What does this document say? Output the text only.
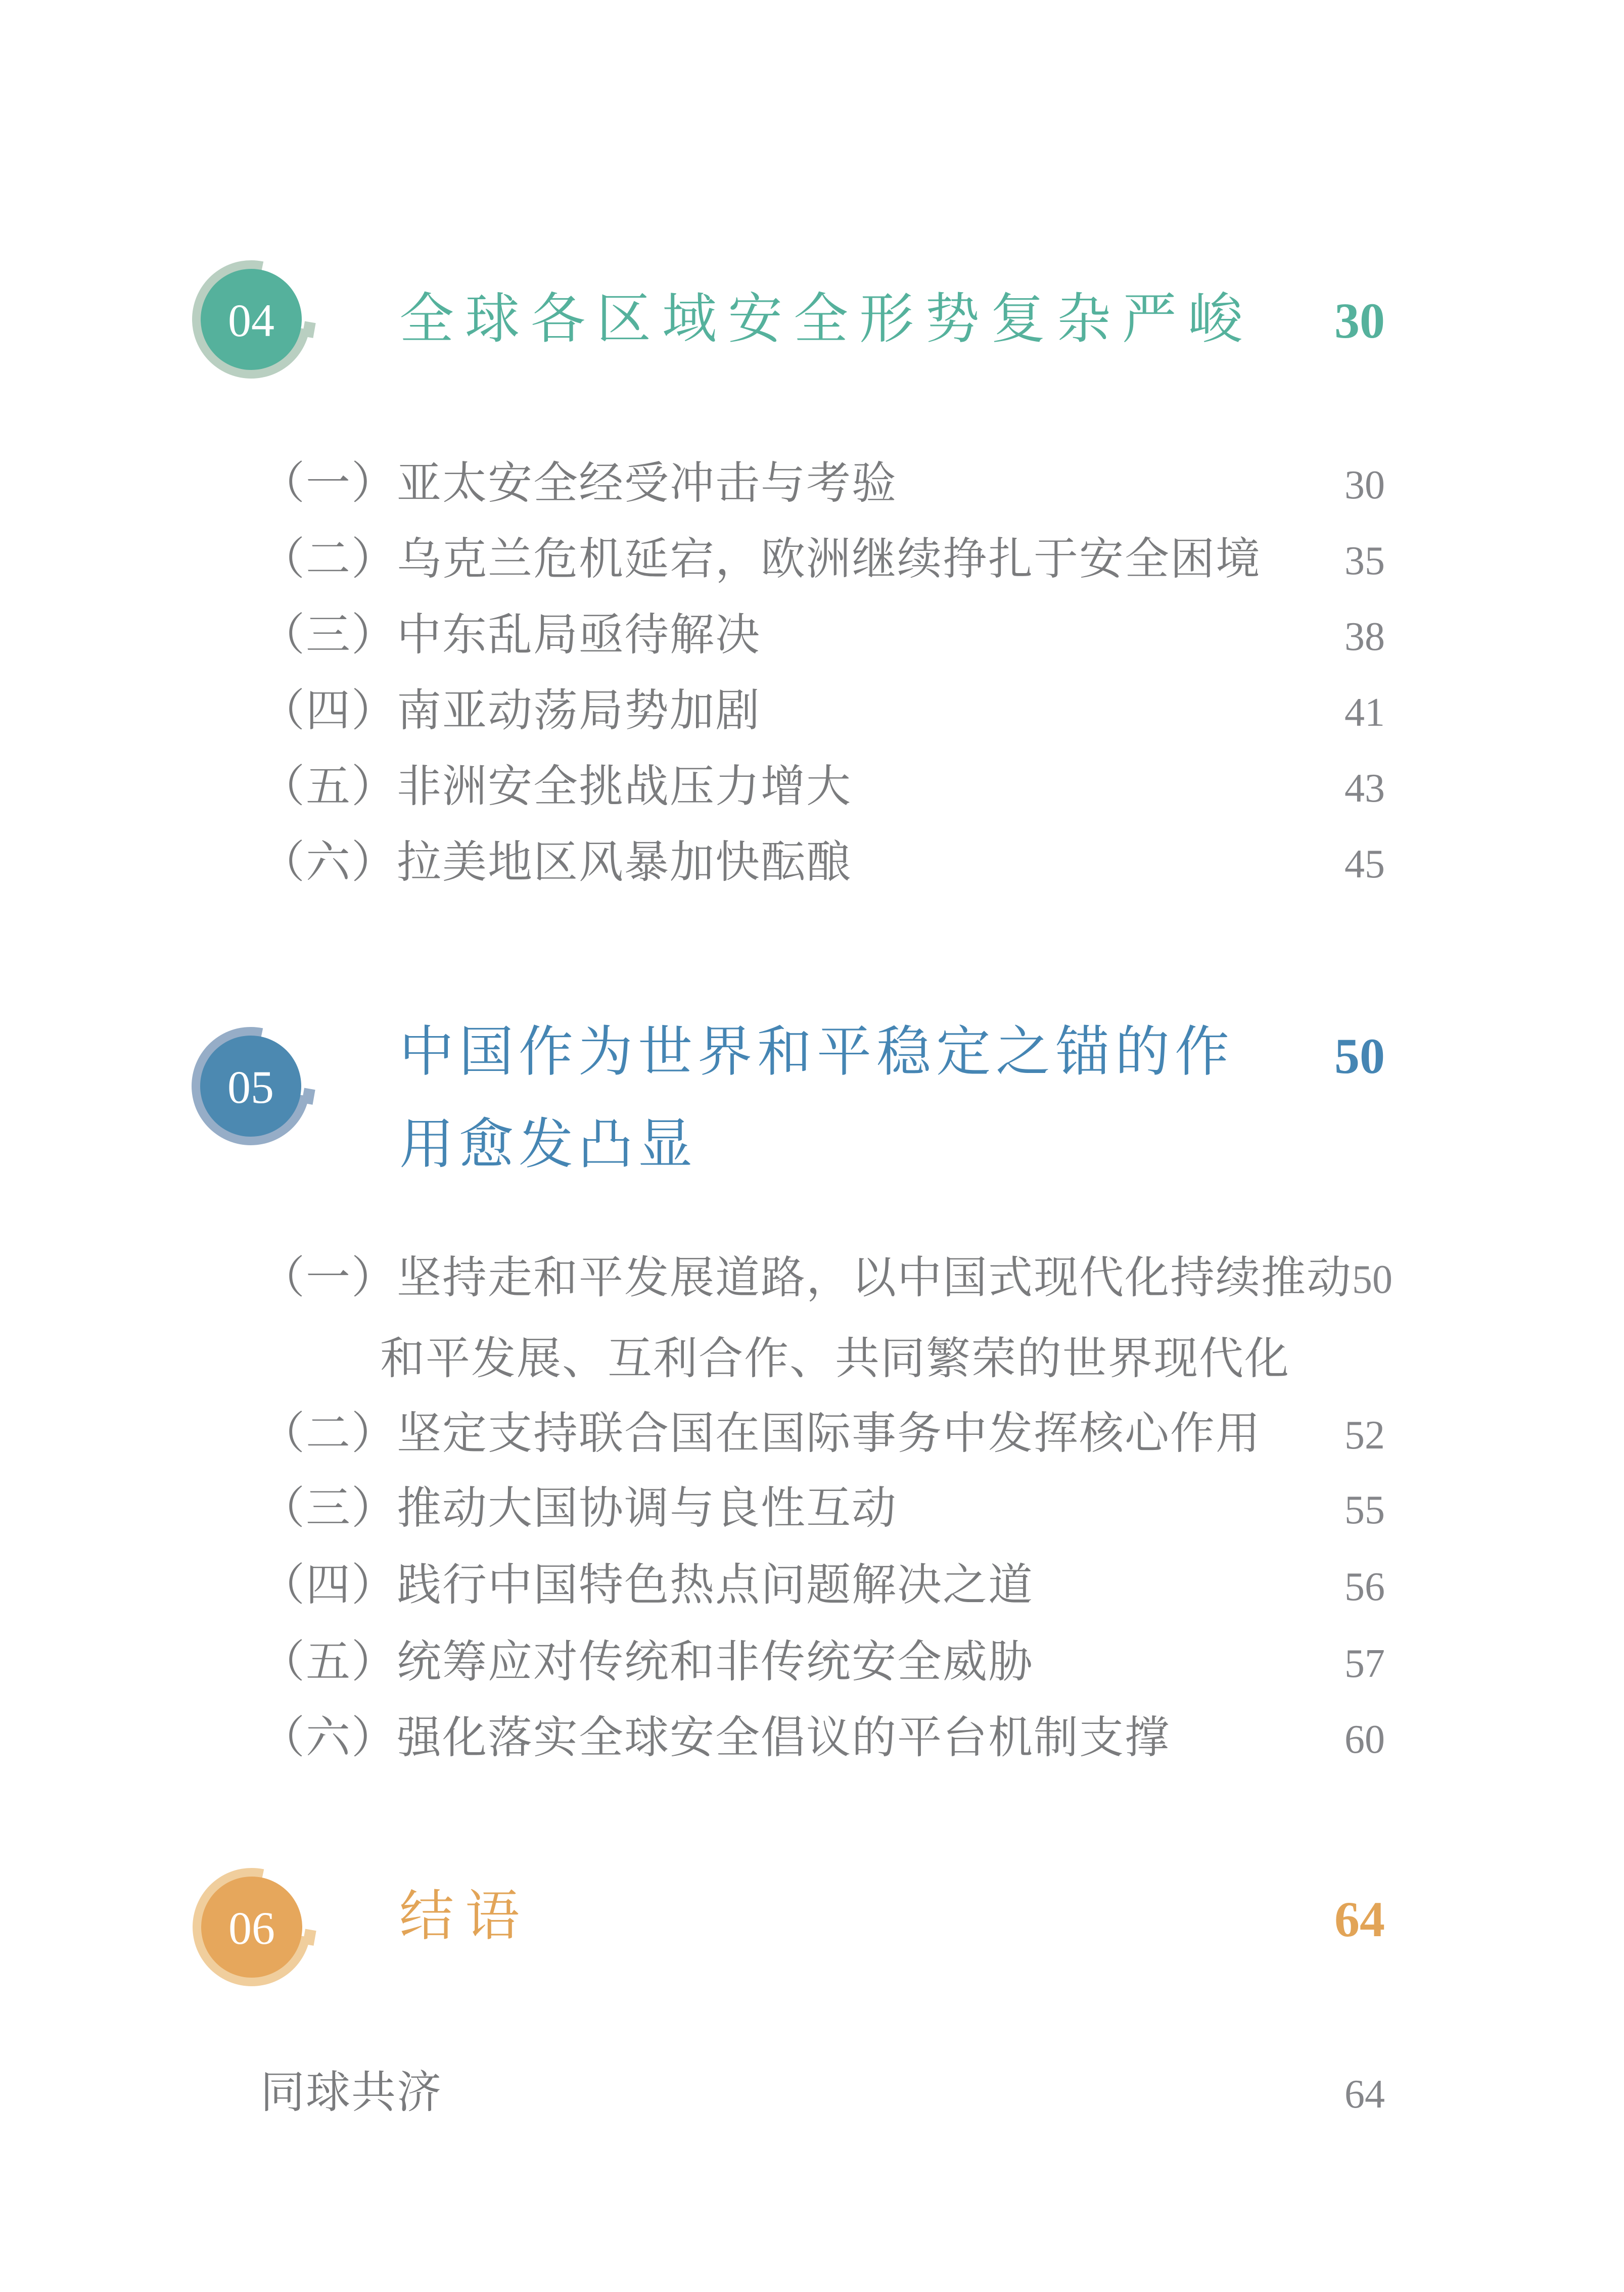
04 全球各区域安全形势复杂严峻	30
（一）亚太安全经受冲击与考验	30
（二）乌克兰危机延宕，欧洲继续挣扎于安全困境 35
（三）中东乱局亟待解决	38
（四）南亚动荡局势加剧	41
（五）非洲安全挑战压力增大	43
（六）拉美地区风暴加快酝酿	45
05
中国作为世界和平稳定之锚的作
用愈发凸显
50
（一）坚持走和平发展道路，以中国式现代化持续推动 50
和平发展、互利合作、共同繁荣的世界现代化
（二）坚定支持联合国在国际事务中发挥核心作用 52
（三）推动大国协调与良性互动	55
（四）践行中国特色热点问题解决之道	56
（五）统筹应对传统和非传统安全威胁	57
（六）强化落实全球安全倡议的平台机制支撑	60
06 结语	64
同球共济	64
